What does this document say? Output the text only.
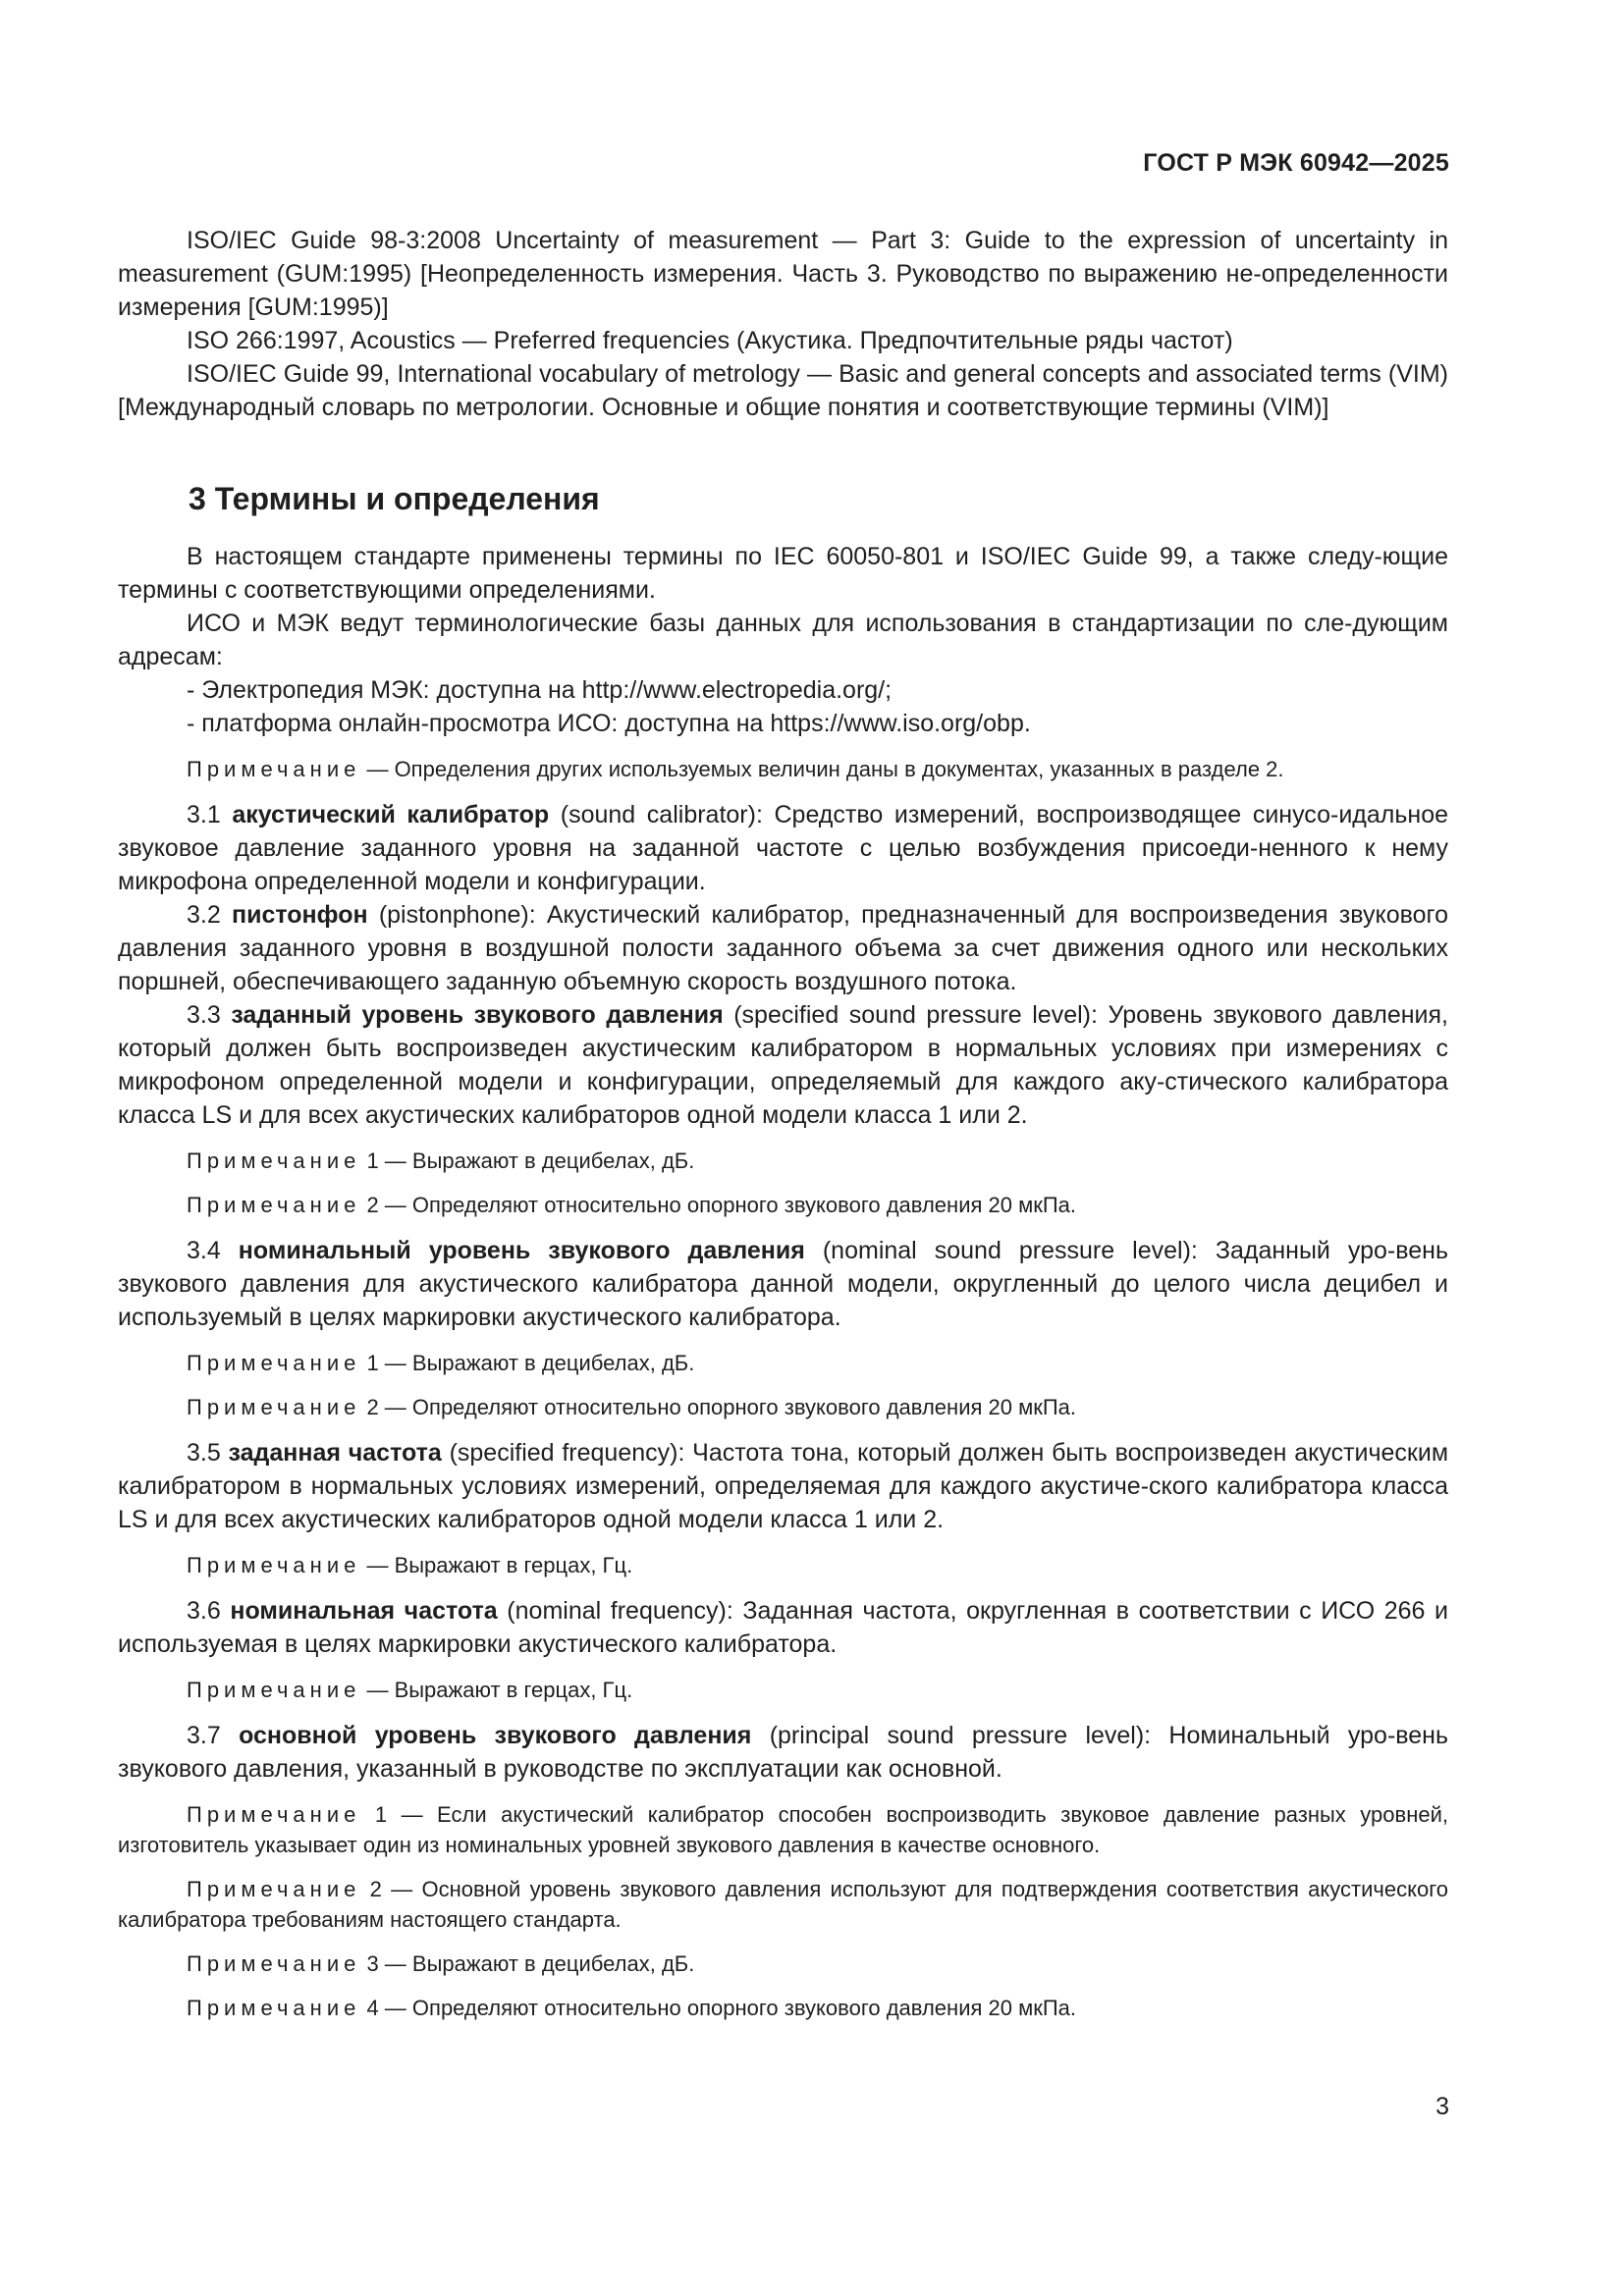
ГОСТ Р МЭК 60942—2025

ISO/IEC Guide 98-3:2008 Uncertainty of measurement — Part 3: Guide to the expression of uncertainty in measurement (GUM:1995) [Неопределенность измерения. Часть 3. Руководство по выражению не-определенности измерения [GUM:1995)]

ISO 266:1997, Acoustics — Preferred frequencies (Акустика. Предпочтительные ряды частот)

ISO/IEC Guide 99, International vocabulary of metrology — Basic and general concepts and associated terms (VIM) [Международный словарь по метрологии. Основные и общие понятия и соответствующие термины (VIM)]

3 Термины и определения

В настоящем стандарте применены термины по IEC 60050-801 и ISO/IEC Guide 99, а также следу-ющие термины с соответствующими определениями.

ИСО и МЭК ведут терминологические базы данных для использования в стандартизации по сле-дующим адресам:

- Электропедия МЭК: доступна на http://www.electropedia.org/;

- платформа онлайн-просмотра ИСО: доступна на https://www.iso.org/obp.

Примечание — Определения других используемых величин даны в документах, указанных в разделе 2.

3.1 акустический калибратор (sound calibrator): Средство измерений, воспроизводящее синусо-идальное звуковое давление заданного уровня на заданной частоте с целью возбуждения присоеди-ненного к нему микрофона определенной модели и конфигурации.

3.2 пистонфон (pistonphone): Акустический калибратор, предназначенный для воспроизведения звукового давления заданного уровня в воздушной полости заданного объема за счет движения одного или нескольких поршней, обеспечивающего заданную объемную скорость воздушного потока.

3.3 заданный уровень звукового давления (specified sound pressure level): Уровень звукового давления, который должен быть воспроизведен акустическим калибратором в нормальных условиях при измерениях с микрофоном определенной модели и конфигурации, определяемый для каждого аку-стического калибратора класса LS и для всех акустических калибраторов одной модели класса 1 или 2.

Примечание 1 — Выражают в децибелах, дБ.

Примечание 2 — Определяют относительно опорного звукового давления 20 мкПа.

3.4 номинальный уровень звукового давления (nominal sound pressure level): Заданный уро-вень звукового давления для акустического калибратора данной модели, округленный до целого числа децибел и используемый в целях маркировки акустического калибратора.

Примечание 1 — Выражают в децибелах, дБ.

Примечание 2 — Определяют относительно опорного звукового давления 20 мкПа.

3.5 заданная частота (specified frequency): Частота тона, который должен быть воспроизведен акустическим калибратором в нормальных условиях измерений, определяемая для каждого акустиче-ского калибратора класса LS и для всех акустических калибраторов одной модели класса 1 или 2.

Примечание — Выражают в герцах, Гц.

3.6 номинальная частота (nominal frequency): Заданная частота, округленная в соответствии с ИСО 266 и используемая в целях маркировки акустического калибратора.

Примечание — Выражают в герцах, Гц.

3.7 основной уровень звукового давления (principal sound pressure level): Номинальный уро-вень звукового давления, указанный в руководстве по эксплуатации как основной.

Примечание 1 — Если акустический калибратор способен воспроизводить звуковое давление разных уровней, изготовитель указывает один из номинальных уровней звукового давления в качестве основного.

Примечание 2 — Основной уровень звукового давления используют для подтверждения соответствия акустического калибратора требованиям настоящего стандарта.

Примечание 3 — Выражают в децибелах, дБ.

Примечание 4 — Определяют относительно опорного звукового давления 20 мкПа.

3
